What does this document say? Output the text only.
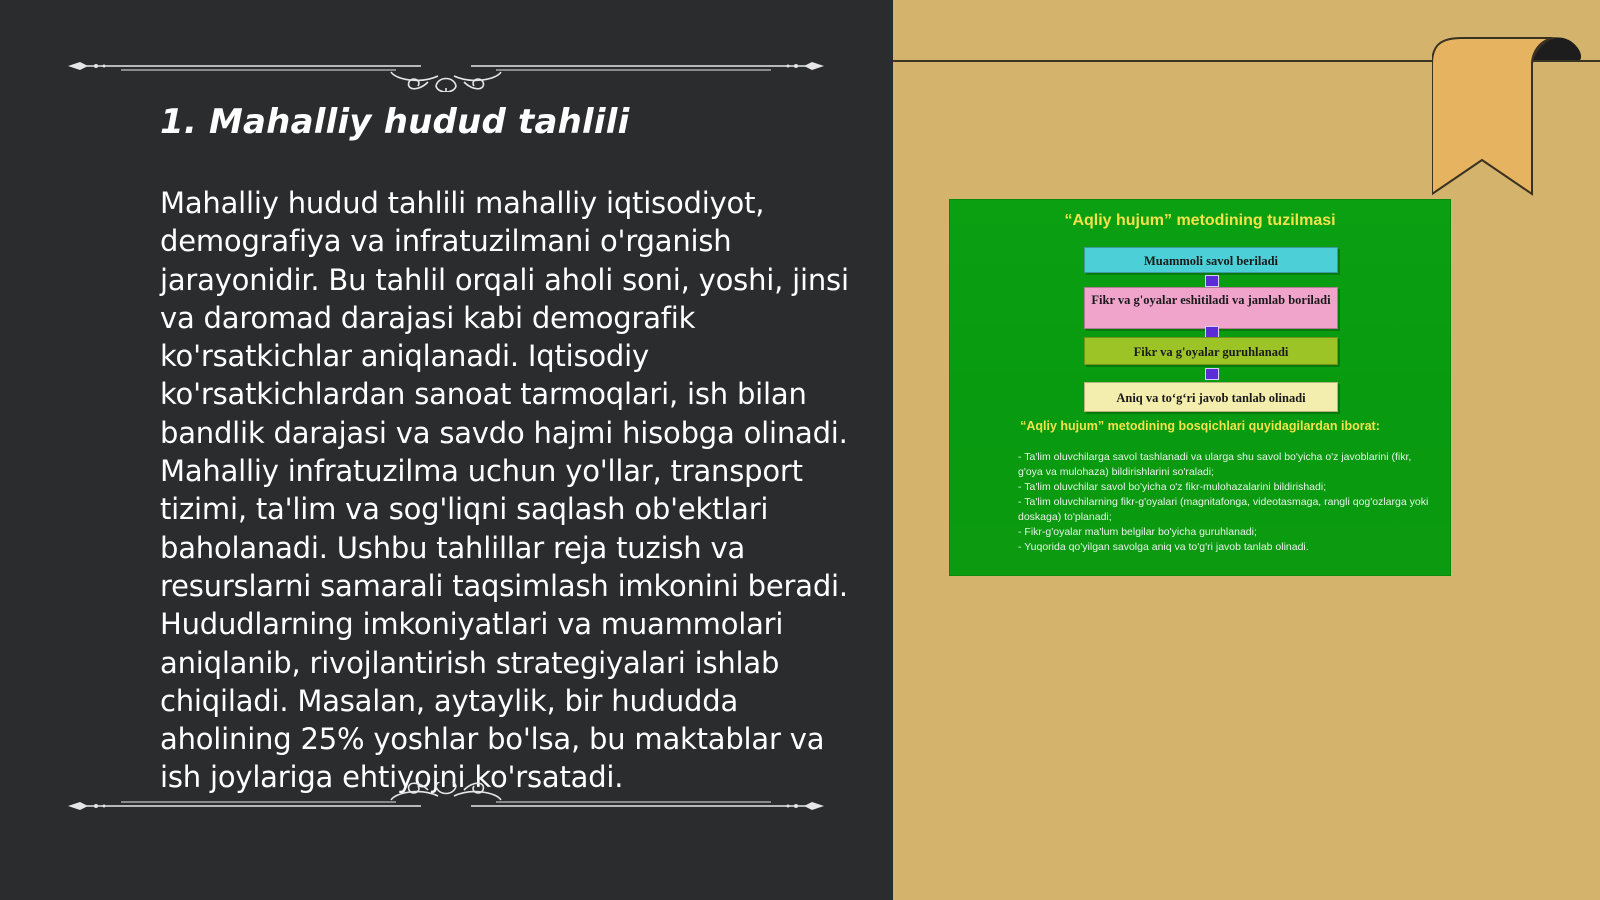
1. Mahalliy hudud tahlili

Mahalliy hudud tahlili mahalliy iqtisodiyot, demografiya va infratuzilmani o'rganish jarayonidir. Bu tahlil orqali aholi soni, yoshi, jinsi va daromad darajasi kabi demografik ko'rsatkichlar aniqlanadi. Iqtisodiy ko'rsatkichlardan sanoat tarmoqlari, ish bilan bandlik darajasi va savdo hajmi hisobga olinadi. Mahalliy infratuzilma uchun yo'llar, transport tizimi, ta'lim va sog'liqni saqlash ob'ektlari baholanadi. Ushbu tahlillar reja tuzish va resurslarni samarali taqsimlash imkonini beradi. Hududlarning imkoniyatlari va muammolari aniqlanib, rivojlantirish strategiyalari ishlab chiqiladi. Masalan, aytaylik, bir hududda aholining 25% yoshlar bo'lsa, bu maktablar va ish joylariga ehtiyojni ko'rsatadi.

“Aqliy hujum” metodining tuzilmasi
Muammoli savol beriladi
Fikr va g'oyalar eshitiladi va jamlab boriladi
Fikr va g'oyalar guruhlanadi
Aniq va to‘g‘ri javob tanlab olinadi
“Aqliy hujum” metodining bosqichlari quyidagilardan iborat:
- Ta'lim oluvchilarga savol tashlanadi va ularga shu savol bo'yicha o'z javoblarini (fikr, g'oya va mulohaza) bildirishlarini so'raladi;
- Ta'lim oluvchilar savol bo'yicha o'z fikr-mulohazalarini bildirishadi;
- Ta'lim oluvchilarning fikr-g'oyalari (magnitafonga, videotasmaga, rangli qog'ozlarga yoki doskaga) to'planadi;
- Fikr-g'oyalar ma'lum belgilar bo'yicha guruhlanadi;
- Yuqorida qo'yilgan savolga aniq va to'g'ri javob tanlab olinadi.
